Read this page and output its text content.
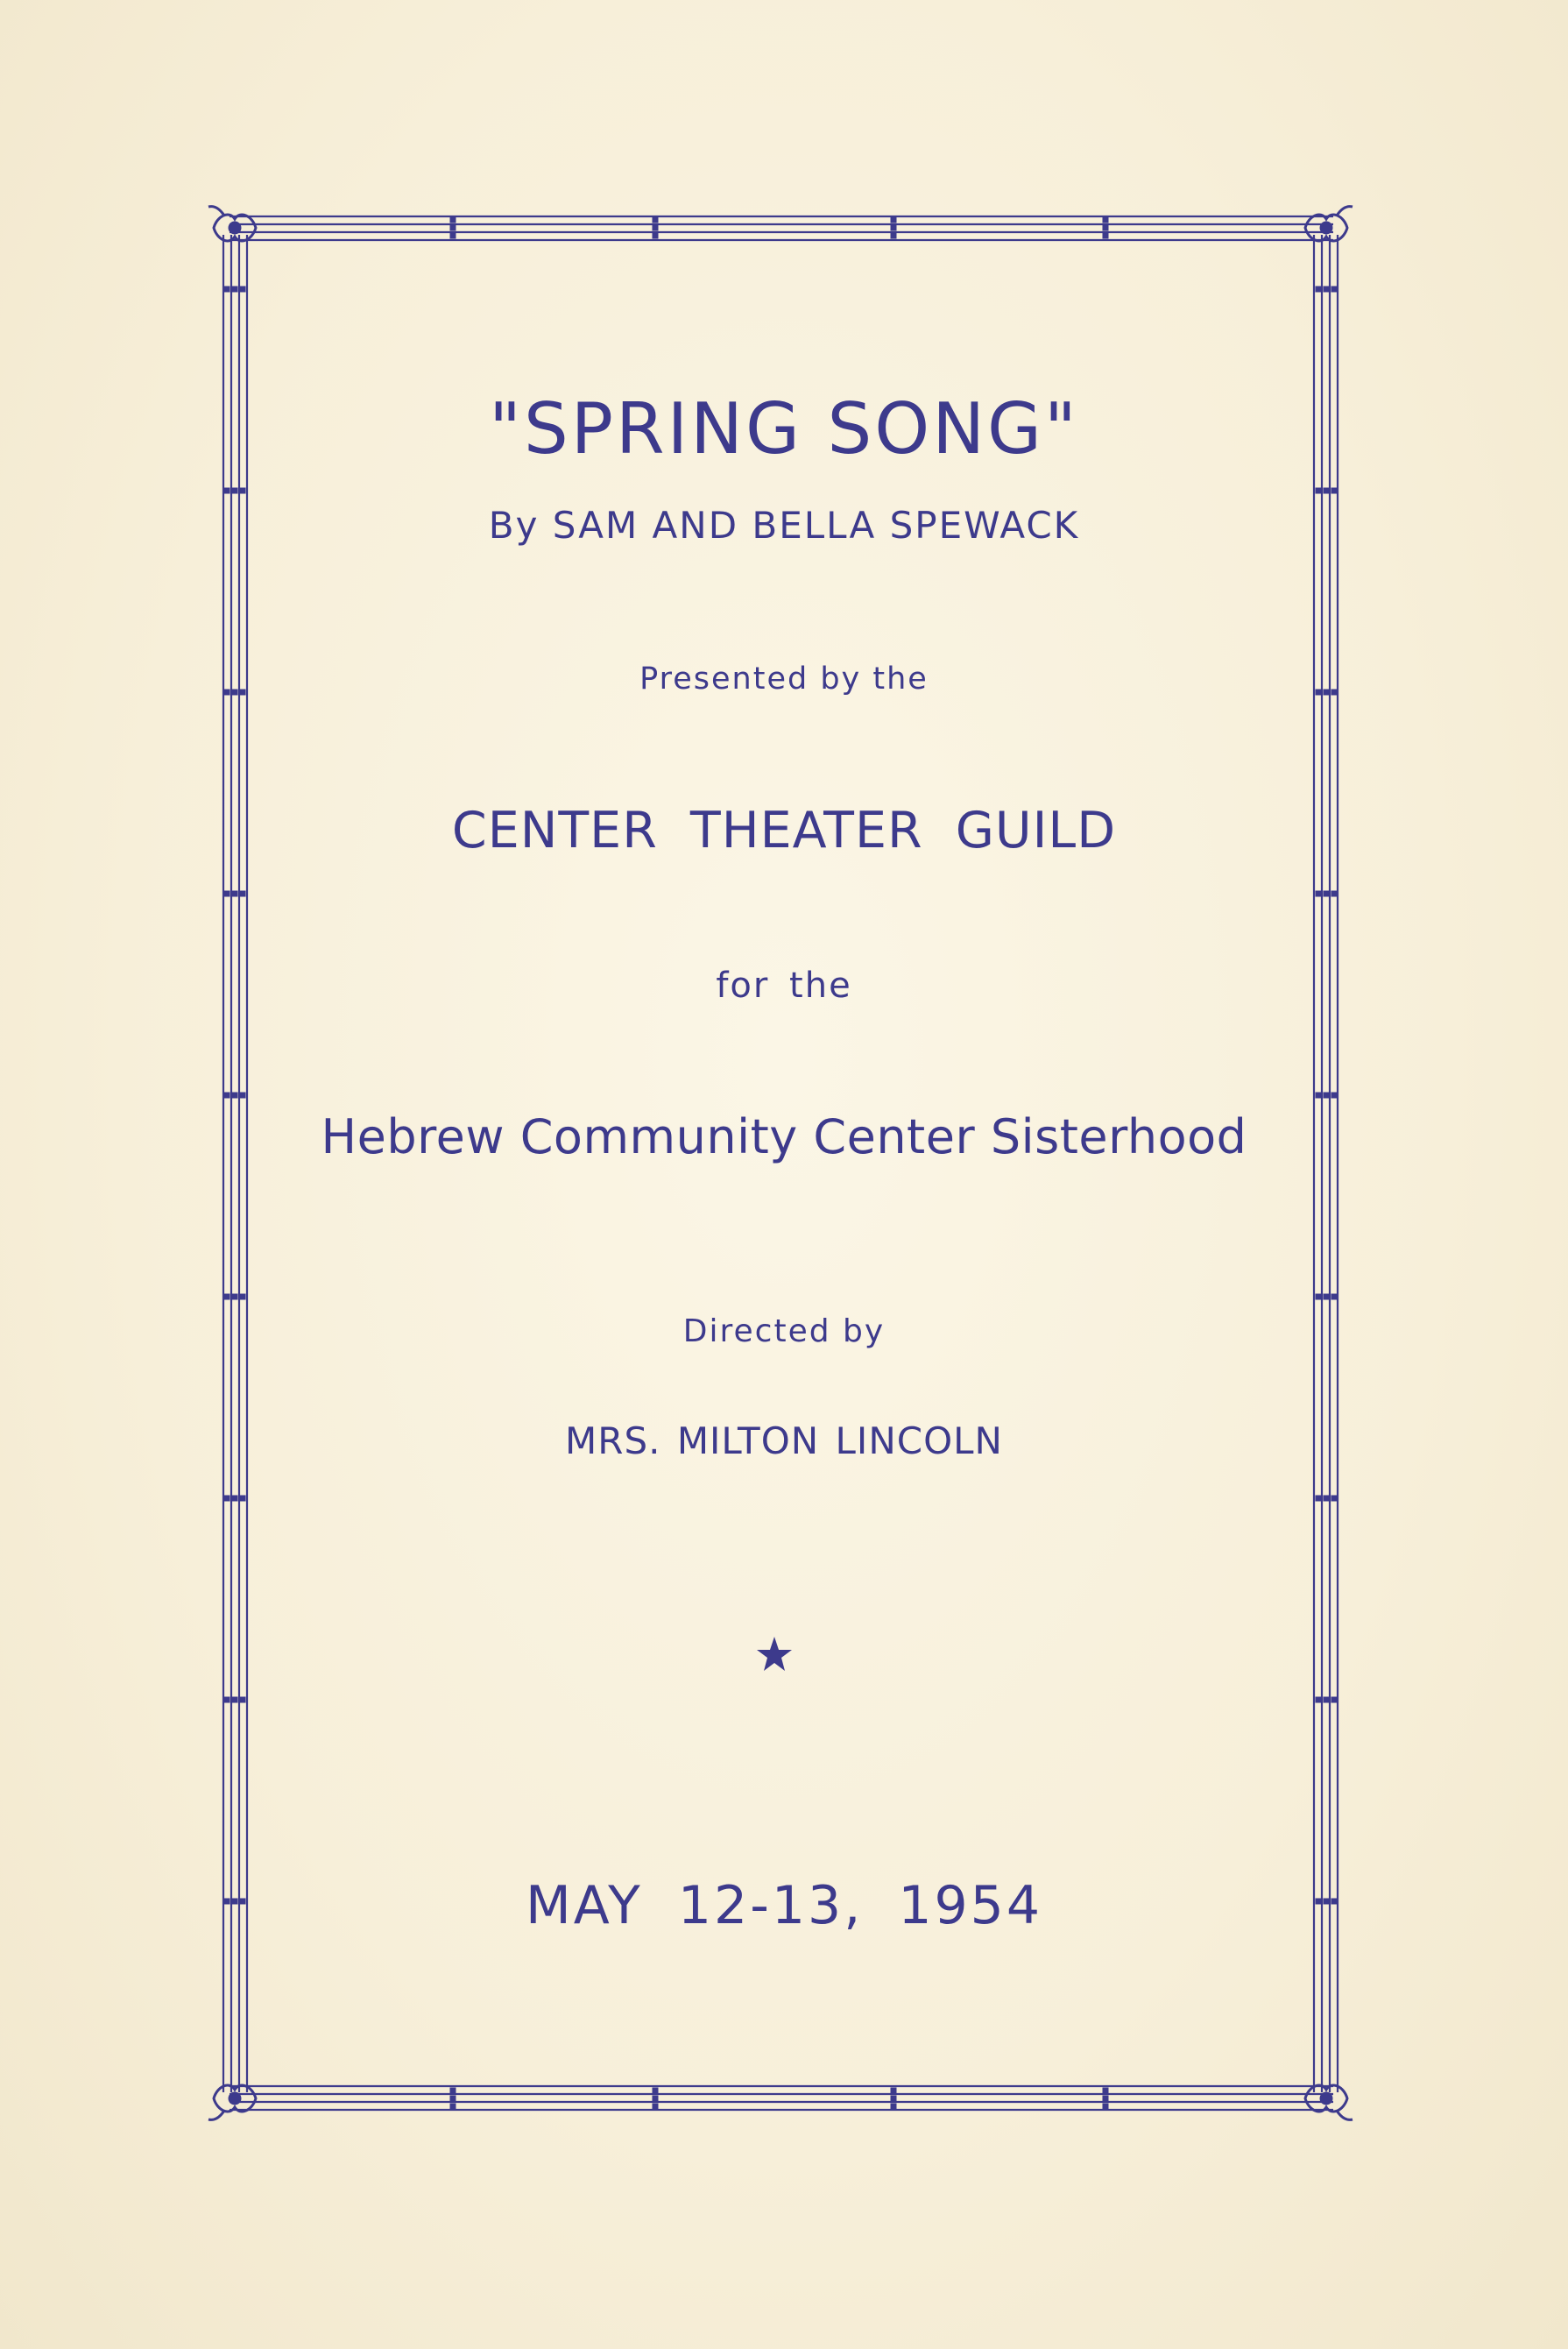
"SPRING SONG"
By SAM AND BELLA SPEWACK
Presented by the
CENTER THEATER GUILD
for the
Hebrew Community Center Sisterhood
Directed by
MRS. MILTON LINCOLN
MAY 12-13, 1954
